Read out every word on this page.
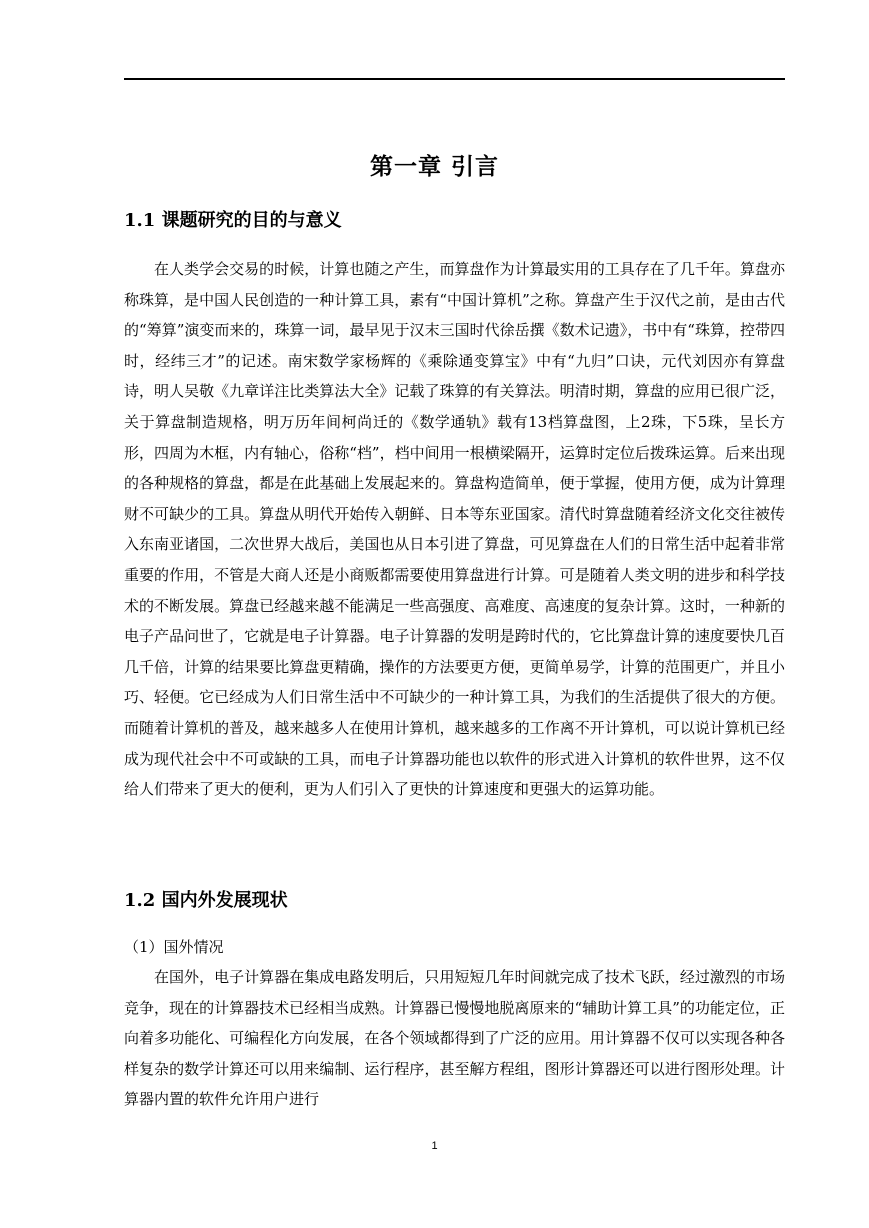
第一章 引言
1.1 课题研究的目的与意义

在人类学会交易的时候，计算也随之产生，而算盘作为计算最实用的工具存在了几千年。算盘亦称珠算，是中国人民创造的一种计算工具，素有“中国计算机”之称。算盘产生于汉代之前，是由古代的“筹算”演变而来的，珠算一词，最早见于汉末三国时代徐岳撰《数术记遗》，书中有“珠算，控带四时，经纬三才”的记述。南宋数学家杨辉的《乘除通变算宝》中有“九归”口诀，元代刘因亦有算盘诗，明人吴敬《九章详注比类算法大全》记载了珠算的有关算法。明清时期，算盘的应用已很广泛，关于算盘制造规格，明万历年间柯尚迁的《数学通轨》载有13档算盘图，上2珠，下5珠，呈长方形，四周为木框，内有轴心，俗称“档”，档中间用一根横梁隔开，运算时定位后拨珠运算。后来出现的各种规格的算盘，都是在此基础上发展起来的。算盘构造简单，便于掌握，使用方便，成为计算理财不可缺少的工具。算盘从明代开始传入朝鲜、日本等东亚国家。清代时算盘随着经济文化交往被传入东南亚诸国，二次世界大战后，美国也从日本引进了算盘，可见算盘在人们的日常生活中起着非常重要的作用，不管是大商人还是小商贩都需要使用算盘进行计算。可是随着人类文明的进步和科学技术的不断发展。算盘已经越来越不能满足一些高强度、高难度、高速度的复杂计算。这时，一种新的电子产品问世了，它就是电子计算器。电子计算器的发明是跨时代的，它比算盘计算的速度要快几百几千倍，计算的结果要比算盘更精确，操作的方法要更方便，更简单易学，计算的范围更广，并且小巧、轻便。它已经成为人们日常生活中不可缺少的一种计算工具，为我们的生活提供了很大的方便。而随着计算机的普及，越来越多人在使用计算机，越来越多的工作离不开计算机，可以说计算机已经成为现代社会中不可或缺的工具，而电子计算器功能也以软件的形式进入计算机的软件世界，这不仅给人们带来了更大的便利，更为人们引入了更快的计算速度和更强大的运算功能。

1.2 国内外发展现状
（1）国外情况

在国外，电子计算器在集成电路发明后，只用短短几年时间就完成了技术飞跃，经过激烈的市场竞争，现在的计算器技术已经相当成熟。计算器已慢慢地脱离原来的“辅助计算工具”的功能定位，正向着多功能化、可编程化方向发展，在各个领域都得到了广泛的应用。用计算器不仅可以实现各种各样复杂的数学计算还可以用来编制、运行程序，甚至解方程组，图形计算器还可以进行图形处理。计算器内置的软件允许用户进行

1
